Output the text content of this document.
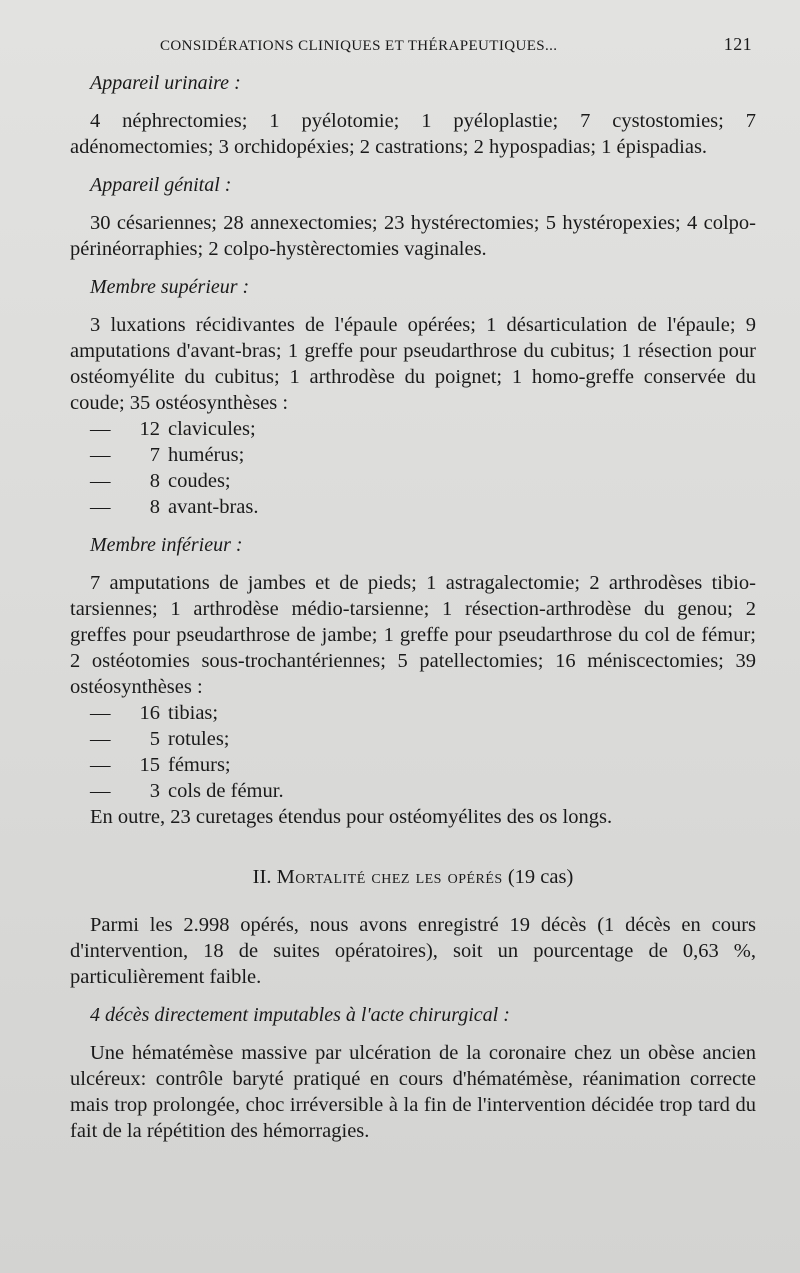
CONSIDÉRATIONS CLINIQUES ET THÉRAPEUTIQUES...	121
Appareil urinaire :

4 néphrectomies; 1 pyélotomie; 1 pyéloplastie; 7 cystostomies; 7 adénomectomies; 3 orchidopéxies; 2 castrations; 2 hypospadias; 1 épispadias.

Appareil génital :

30 césariennes; 28 annexectomies; 23 hystérectomies; 5 hystéropexies; 4 colpo-périnéorraphies; 2 colpo-hystèrectomies vaginales.

Membre supérieur :

3 luxations récidivantes de l'épaule opérées; 1 désarticulation de l'épaule; 9 amputations d'avant-bras; 1 greffe pour pseudarthrose du cubitus; 1 résection pour ostéomyélite du cubitus; 1 arthrodèse du poignet; 1 homo-greffe conservée du coude; 35 ostéosynthèses :

—	12 clavicules;
—	7 humérus;
—	8 coudes;
—	8 avant-bras.
Membre inférieur :

7 amputations de jambes et de pieds; 1 astragalectomie; 2 arthrodèses tibio-tarsiennes; 1 arthrodèse médio-tarsienne; 1 résection-arthrodèse du genou; 2 greffes pour pseudarthrose de jambe; 1 greffe pour pseudarthrose du col de fémur; 2 ostéotomies sous-trochantériennes; 5 patellectomies; 16 méniscectomies; 39 ostéosynthèses :

—	16 tibias;
—	5 rotules;
—	15 fémurs;
—	3 cols de fémur.

En outre, 23 curetages étendus pour ostéomyélites des os longs.

II. Mortalité chez les opérés (19 cas)

Parmi les 2.998 opérés, nous avons enregistré 19 décès (1 décès en cours d'intervention, 18 de suites opératoires), soit un pourcentage de 0,63 %, particulièrement faible.

4 décès directement imputables à l'acte chirurgical :

Une hématémèse massive par ulcération de la coronaire chez un obèse ancien ulcéreux: contrôle baryté pratiqué en cours d'hématémèse, réanimation correcte mais trop prolongée, choc irréversible à la fin de l'intervention décidée trop tard du fait de la répétition des hémorragies.
